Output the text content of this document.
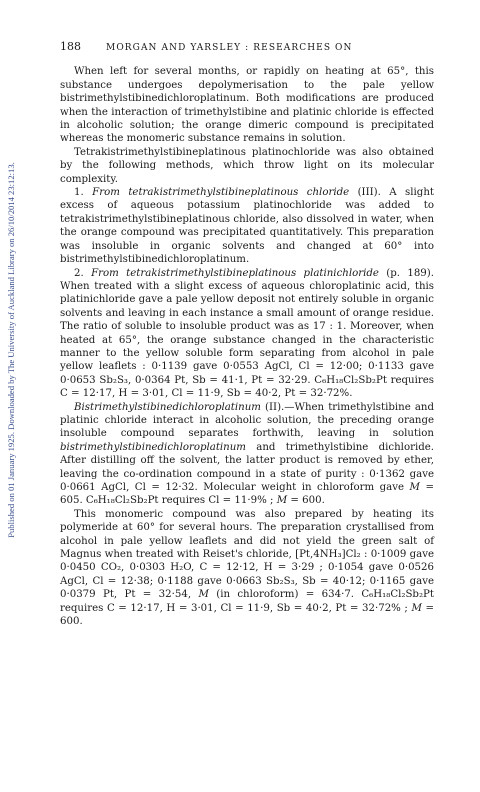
Published on 01 January 1925. Downloaded by The University of Auckland Library on 26/10/2014 23:12:13.
188	MORGAN AND YARSLEY : RESEARCHES ON

When left for several months, or rapidly on heating at 65°, this substance undergoes depolymerisation to the pale yellow bistrimethylstibinedichloroplatinum. Both modifications are produced when the interaction of trimethylstibine and platinic chloride is effected in alcoholic solution; the orange dimeric compound is precipitated whereas the monomeric substance remains in solution.

Tetrakistrimethylstibineplatinous platinochloride was also obtained by the following methods, which throw light on its molecular complexity.

1. From tetrakistrimethylstibineplatinous chloride (III). A slight excess of aqueous potassium platinochloride was added to tetrakistrimethylstibineplatinous chloride, also dissolved in water, when the orange compound was precipitated quantitatively. This preparation was insoluble in organic solvents and changed at 60° into bistrimethylstibinedichloroplatinum.

2. From tetrakistrimethylstibineplatinous platinichloride (p. 189). When treated with a slight excess of aqueous chloroplatinic acid, this platinichloride gave a pale yellow deposit not entirely soluble in organic solvents and leaving in each instance a small amount of orange residue. The ratio of soluble to insoluble product was as 17 : 1. Moreover, when heated at 65°, the orange substance changed in the characteristic manner to the yellow soluble form separating from alcohol in pale yellow leaflets : 0·1139 gave 0·0553 AgCl, Cl = 12·00; 0·1133 gave 0·0653 Sb₂S₃, 0·0364 Pt, Sb = 41·1, Pt = 32·29. C₆H₁₈Cl₂Sb₂Pt requires C = 12·17, H = 3·01, Cl = 11·9, Sb = 40·2, Pt = 32·72%.

Bistrimethylstibinedichloroplatinum (II).—When trimethylstibine and platinic chloride interact in alcoholic solution, the preceding orange insoluble compound separates forthwith, leaving in solution bistrimethylstibinedichloroplatinum and trimethylstibine dichloride. After distilling off the solvent, the latter product is removed by ether, leaving the co-ordination compound in a state of purity : 0·1362 gave 0·0661 AgCl, Cl = 12·32. Molecular weight in chloroform gave M = 605. C₆H₁₈Cl₂Sb₂Pt requires Cl = 11·9% ; M = 600.

This monomeric compound was also prepared by heating its polymeride at 60° for several hours. The preparation crystallised from alcohol in pale yellow leaflets and did not yield the green salt of Magnus when treated with Reiset's chloride, [Pt,4NH₃]Cl₂ : 0·1009 gave 0·0450 CO₂, 0·0303 H₂O, C = 12·12, H = 3·29 ; 0·1054 gave 0·0526 AgCl, Cl = 12·38; 0·1188 gave 0·0663 Sb₂S₃, Sb = 40·12; 0·1165 gave 0·0379 Pt, Pt = 32·54, M (in chloroform) = 634·7. C₆H₁₈Cl₂Sb₂Pt requires C = 12·17, H = 3·01, Cl = 11·9, Sb = 40·2, Pt = 32·72% ; M = 600.
